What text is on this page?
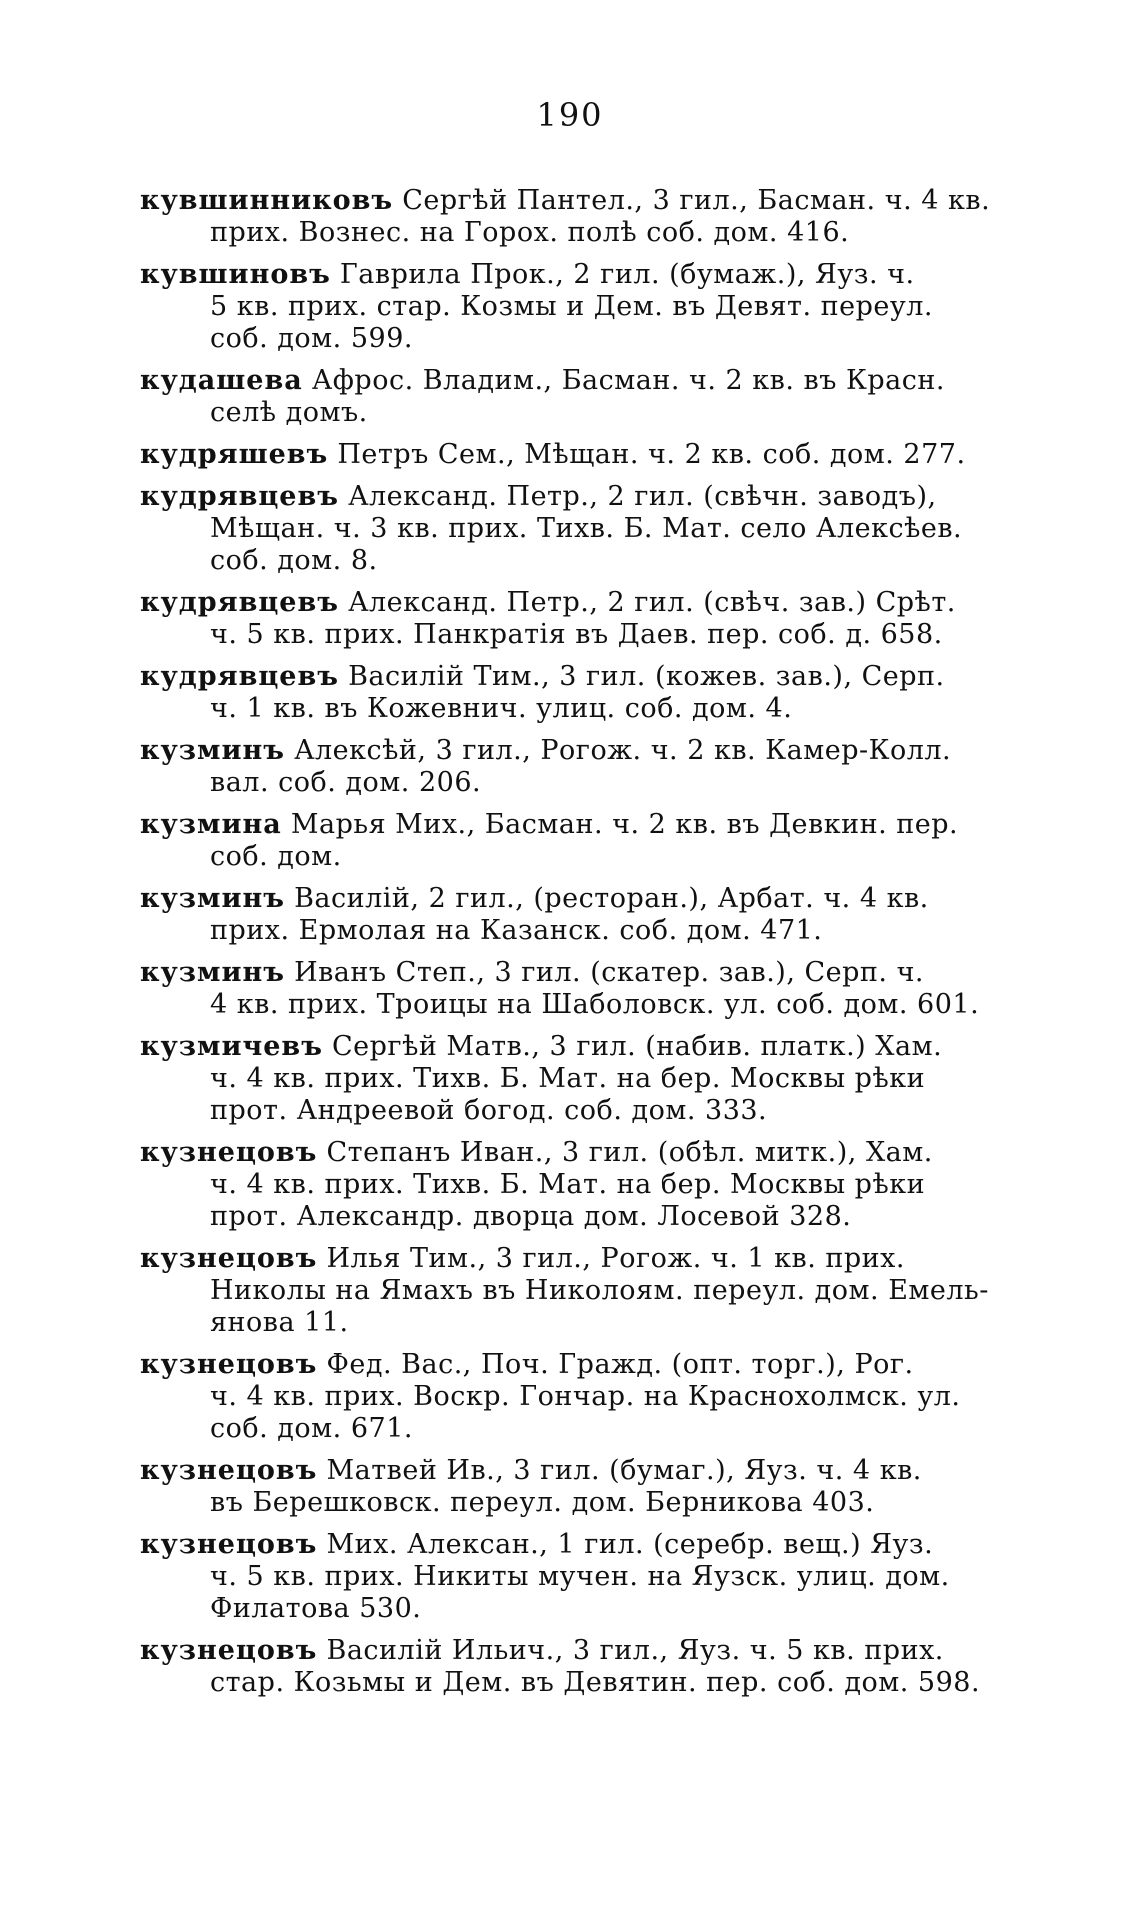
190
кувшинниковъ Сергѣй Пантел., 3 гил., Басман. ч. 4 кв.
прих. Вознес. на Горох. полѣ соб. дом. 416.
кувшиновъ Гаврила Прок., 2 гил. (бумаж.), Яуз. ч.
5 кв. прих. стар. Козмы и Дем. въ Девят. переул.
соб. дом. 599.
кудашева Афрос. Владим., Басман. ч. 2 кв. въ Красн.
селѣ домъ.
кудряшевъ Петръ Сем., Мѣщан. ч. 2 кв. соб. дом. 277.
кудрявцевъ Александ. Петр., 2 гил. (свѣчн. заводъ),
Мѣщан. ч. 3 кв. прих. Тихв. Б. Мат. село Алексѣев.
соб. дом. 8.
кудрявцевъ Александ. Петр., 2 гил. (свѣч. зав.) Срѣт.
ч. 5 кв. прих. Панкратія въ Даев. пер. соб. д. 658.
кудрявцевъ Василій Тим., 3 гил. (кожев. зав.), Серп.
ч. 1 кв. въ Кожевнич. улиц. соб. дом. 4.
кузминъ Алексѣй, 3 гил., Рогож. ч. 2 кв. Камер-Колл.
вал. соб. дом. 206.
кузмина Марья Мих., Басман. ч. 2 кв. въ Девкин. пер.
соб. дом.
кузминъ Василій, 2 гил., (ресторан.), Арбат. ч. 4 кв.
прих. Ермолая на Казанск. соб. дом. 471.
кузминъ Иванъ Степ., 3 гил. (скатер. зав.), Серп. ч.
4 кв. прих. Троицы на Шаболовск. ул. соб. дом. 601.
кузмичевъ Сергѣй Матв., 3 гил. (набив. платк.) Хам.
ч. 4 кв. прих. Тихв. Б. Мат. на бер. Москвы рѣки
прот. Андреевой богод. соб. дом. 333.
кузнецовъ Степанъ Иван., 3 гил. (обѣл. митк.), Хам.
ч. 4 кв. прих. Тихв. Б. Мат. на бер. Москвы рѣки
прот. Александр. дворца дом. Лосевой 328.
кузнецовъ Илья Тим., 3 гил., Рогож. ч. 1 кв. прих.
Николы на Ямахъ въ Николоям. переул. дом. Емель-
янова 11.
кузнецовъ Фед. Вас., Поч. Гражд. (опт. торг.), Рог.
ч. 4 кв. прих. Воскр. Гончар. на Краснохолмск. ул.
соб. дом. 671.
кузнецовъ Матвей Ив., 3 гил. (бумаг.), Яуз. ч. 4 кв.
въ Берешковск. переул. дом. Берникова 403.
кузнецовъ Мих. Алексан., 1 гил. (серебр. вещ.) Яуз.
ч. 5 кв. прих. Никиты мучен. на Яузск. улиц. дом.
Филатова 530.
кузнецовъ Василій Ильич., 3 гил., Яуз. ч. 5 кв. прих.
стар. Козьмы и Дем. въ Девятин. пер. соб. дом. 598.
